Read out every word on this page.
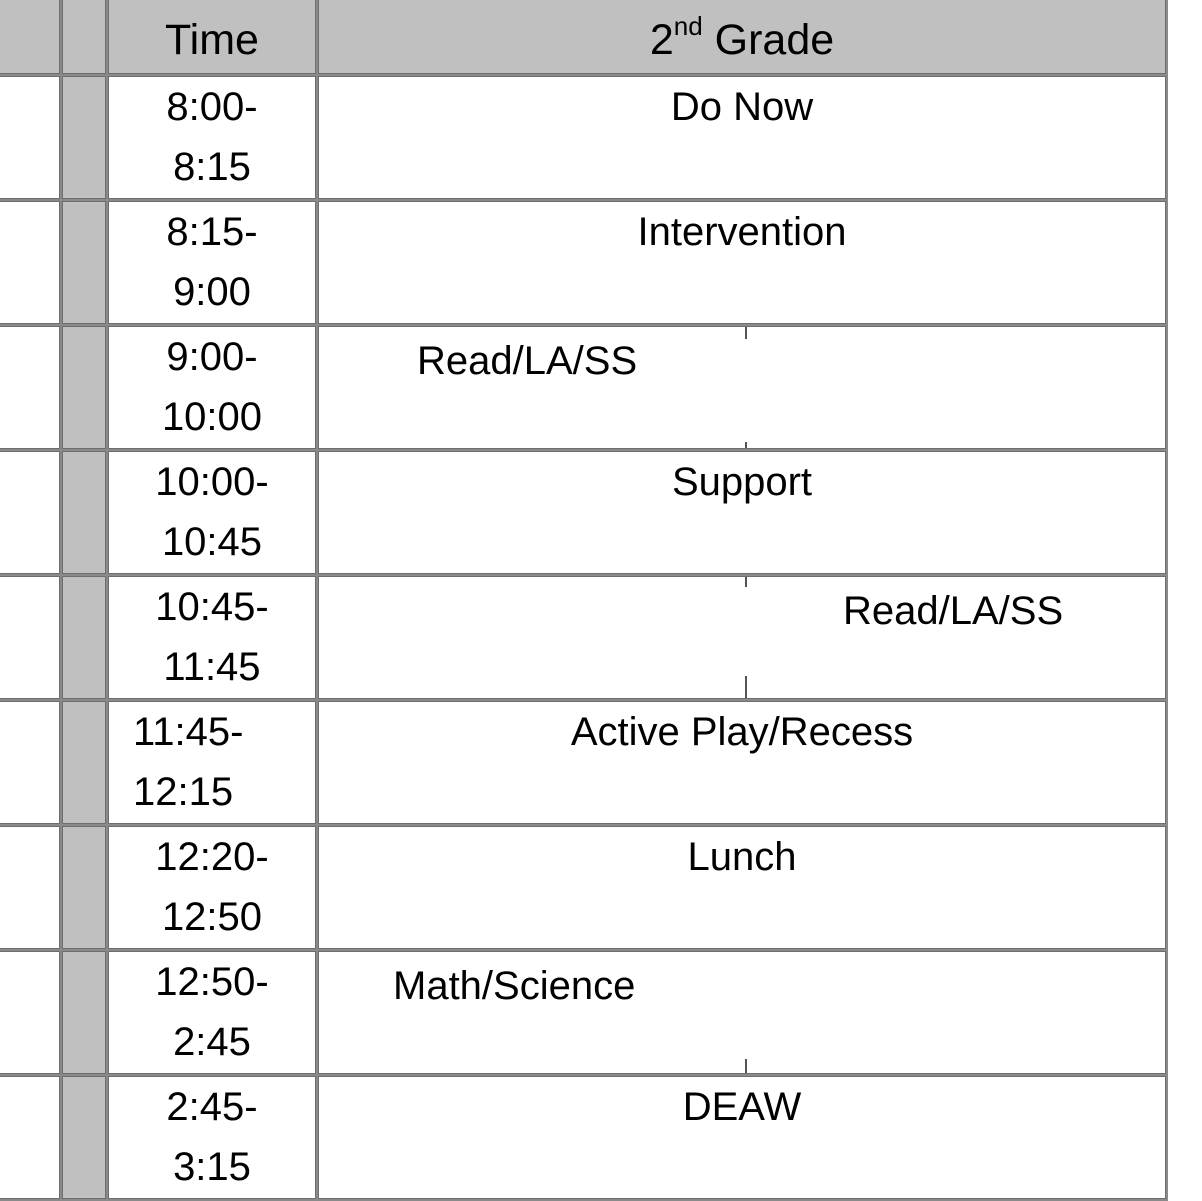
		Time	2nd Grade

		8:00-
8:15	Do Now

		8:15-
9:00	Intervention

		9:00-
10:00	Read/LA/SS

		10:00-
10:45	Support

		10:45-
11:45	Read/LA/SS

		11:45-
12:15	Active Play/Recess

		12:20-
12:50	Lunch

		12:50-
2:45	Math/Science

		2:45-
3:15	DEAW
